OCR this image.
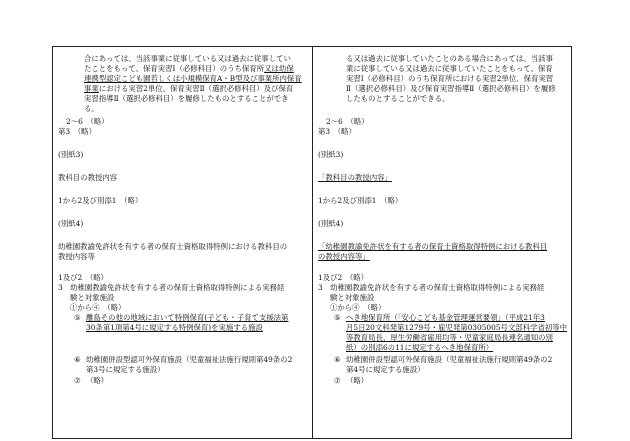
合にあっては、当該事業に従事している又は過去に従事してい
たことをもって、保育実習Ⅰ（必修科目）のうち保育所又は幼保
連携型認定こども園若しくは小規模保育A・B型及び事業所内保育
事業における実習2単位、保育実習Ⅱ（選択必修科目）及び保育
実習指導Ⅱ（選択必修科目）を履修したものとすることができ
る。
2～6　（略）
第3　（略）
(別紙3)
教科目の教授内容
1から2及び別添1　（略）
(別紙4)
幼稚園教諭免許状を有する者の保育士資格取得特例における教科目の
教授内容等
1及び2　（略）
3　幼稚園教諭免許状を有する者の保育士資格取得特例による実務経
験と対象施設
①から④　（略）
⑤ 離島その他の地域において特例保育(子ども・子育て支援法第
30条第1項第4号に規定する特例保育)を実施する施設
⑥ 幼稚園併設型認可外保育施設（児童福祉法施行規則第49条の2
第3号に規定する施設）
⑦ （略）
る又は過去に従事していたことのある場合にあっては、当該事
業に従事している又は過去に従事していたことをもって、保育
実習Ⅰ（必修科目）のうち保育所における実習2単位、保育実習
Ⅱ（選択必修科目）及び保育実習指導Ⅱ（選択必修科目）を履修
したものとすることができる。
2～6　（略）
第3　（略）
(別紙3)
「教科目の教授内容」
1から2及び別添1　（略）
(別紙4)
「幼稚園教諭免許状を有する者の保育士資格取得特例における教科目
の教授内容等」
1及び2　（略）
3　幼稚園教諭免許状を有する者の保育士資格取得特例による実務経
験と対象施設
①から④　（略）
⑤ へき地保育所（「安心こども基金管理運営要領」（平成21年3
月5日20文科発第1279号・雇児発第0305005号文部科学省初等中
等教育局長、厚生労働省雇用均等・児童家庭局長連名通知の別
紙）の別添6の11に規定するへき地保育所）
⑥ 幼稚園併設型認可外保育施設（児童福祉法施行規則第49条の2
第4号に規定する施設）
⑦ （略）
